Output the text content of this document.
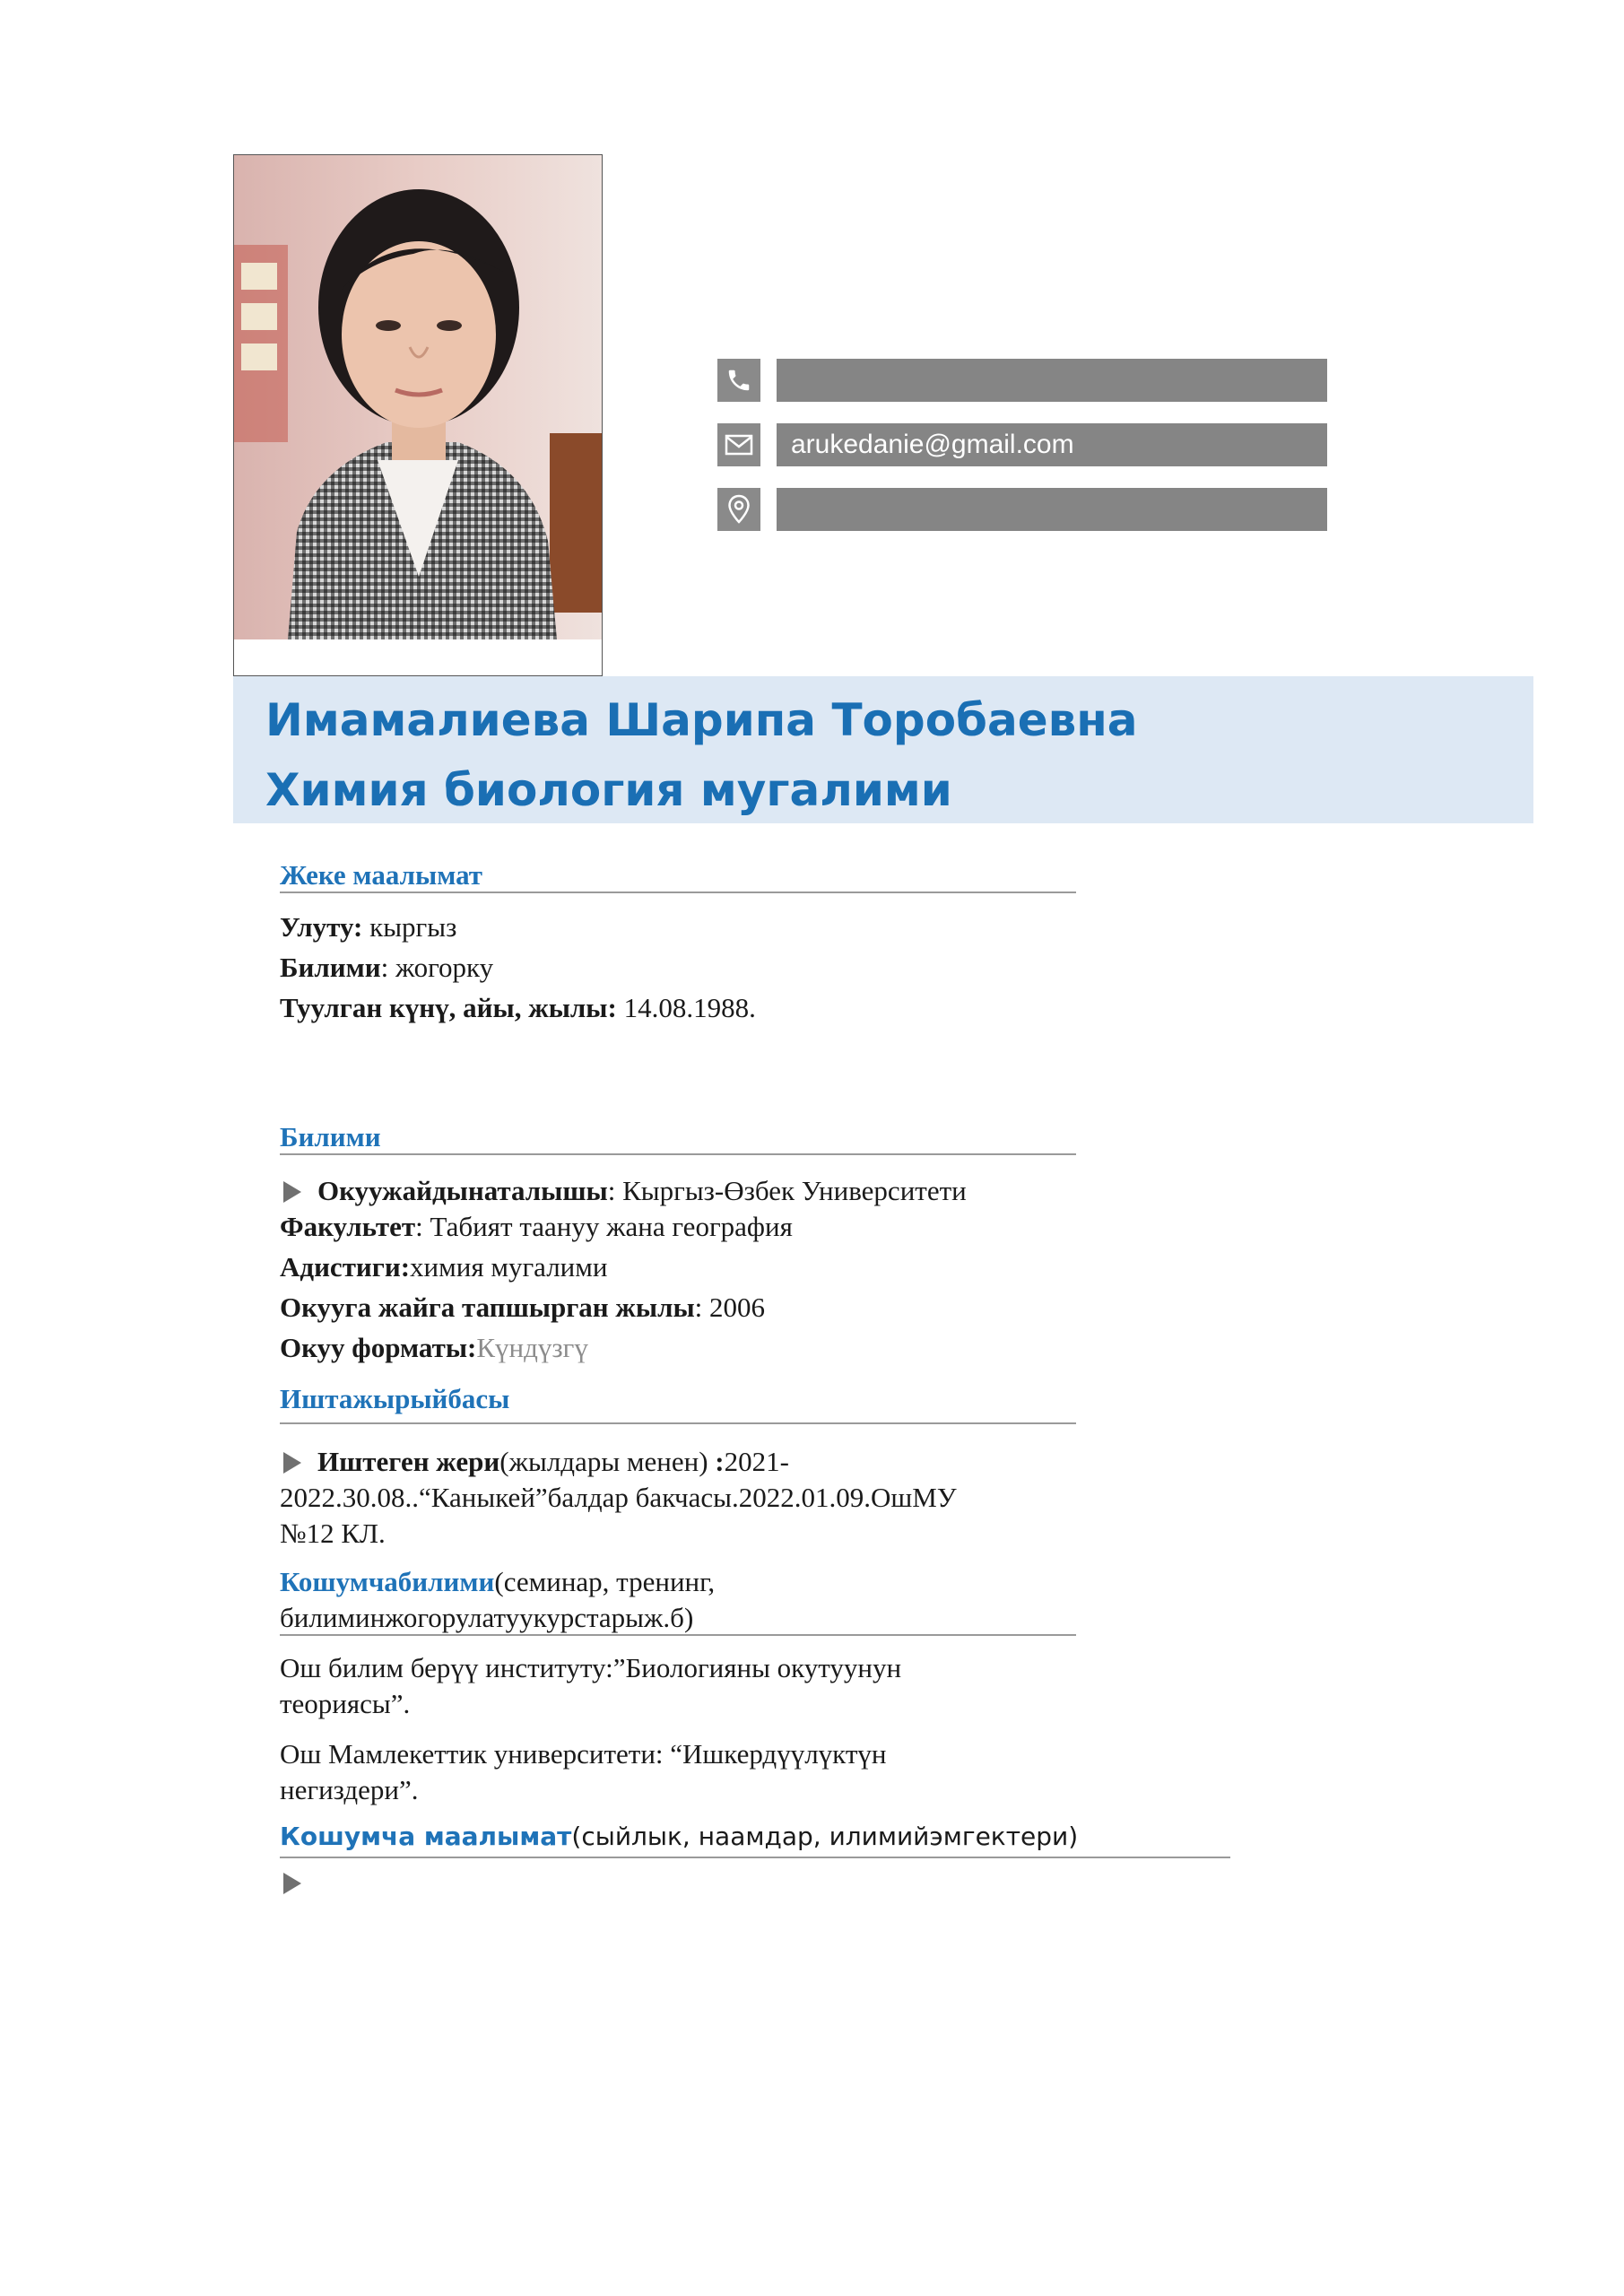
arukedanie@gmail.com
Имамалиева Шарипа Торобаевна
Химия биология мугалими
Жеке маалымат
Улуту: кыргыз
Билими: жогорку
Туулган күнү, айы, жылы: 14.08.1988.
Билими
Окуужайдынаталышы: Кыргыз-Өзбек Университети
Факультет: Табият таануу жана география
Адистиги:химия мугалими
Окууга жайга тапшырган жылы: 2006
Окуу форматы:Күндүзгү
Иштажырыйбасы
Иштеген жери(жылдары менен) :2021-
2022.30.08..“Каныкей”балдар бакчасы.2022.01.09.ОшМУ
№12 КЛ.
Кошумчабилими(семинар, тренинг,
билиминжогорулатуукурстарыж.б)
Ош билим берүү институту:”Биологияны окутуунун
теориясы”.
Ош Мамлекеттик университети: “Ишкердүүлүктүн
негиздери”.
Кошумча маалымат(сыйлык, наамдар, илимийэмгектери)
